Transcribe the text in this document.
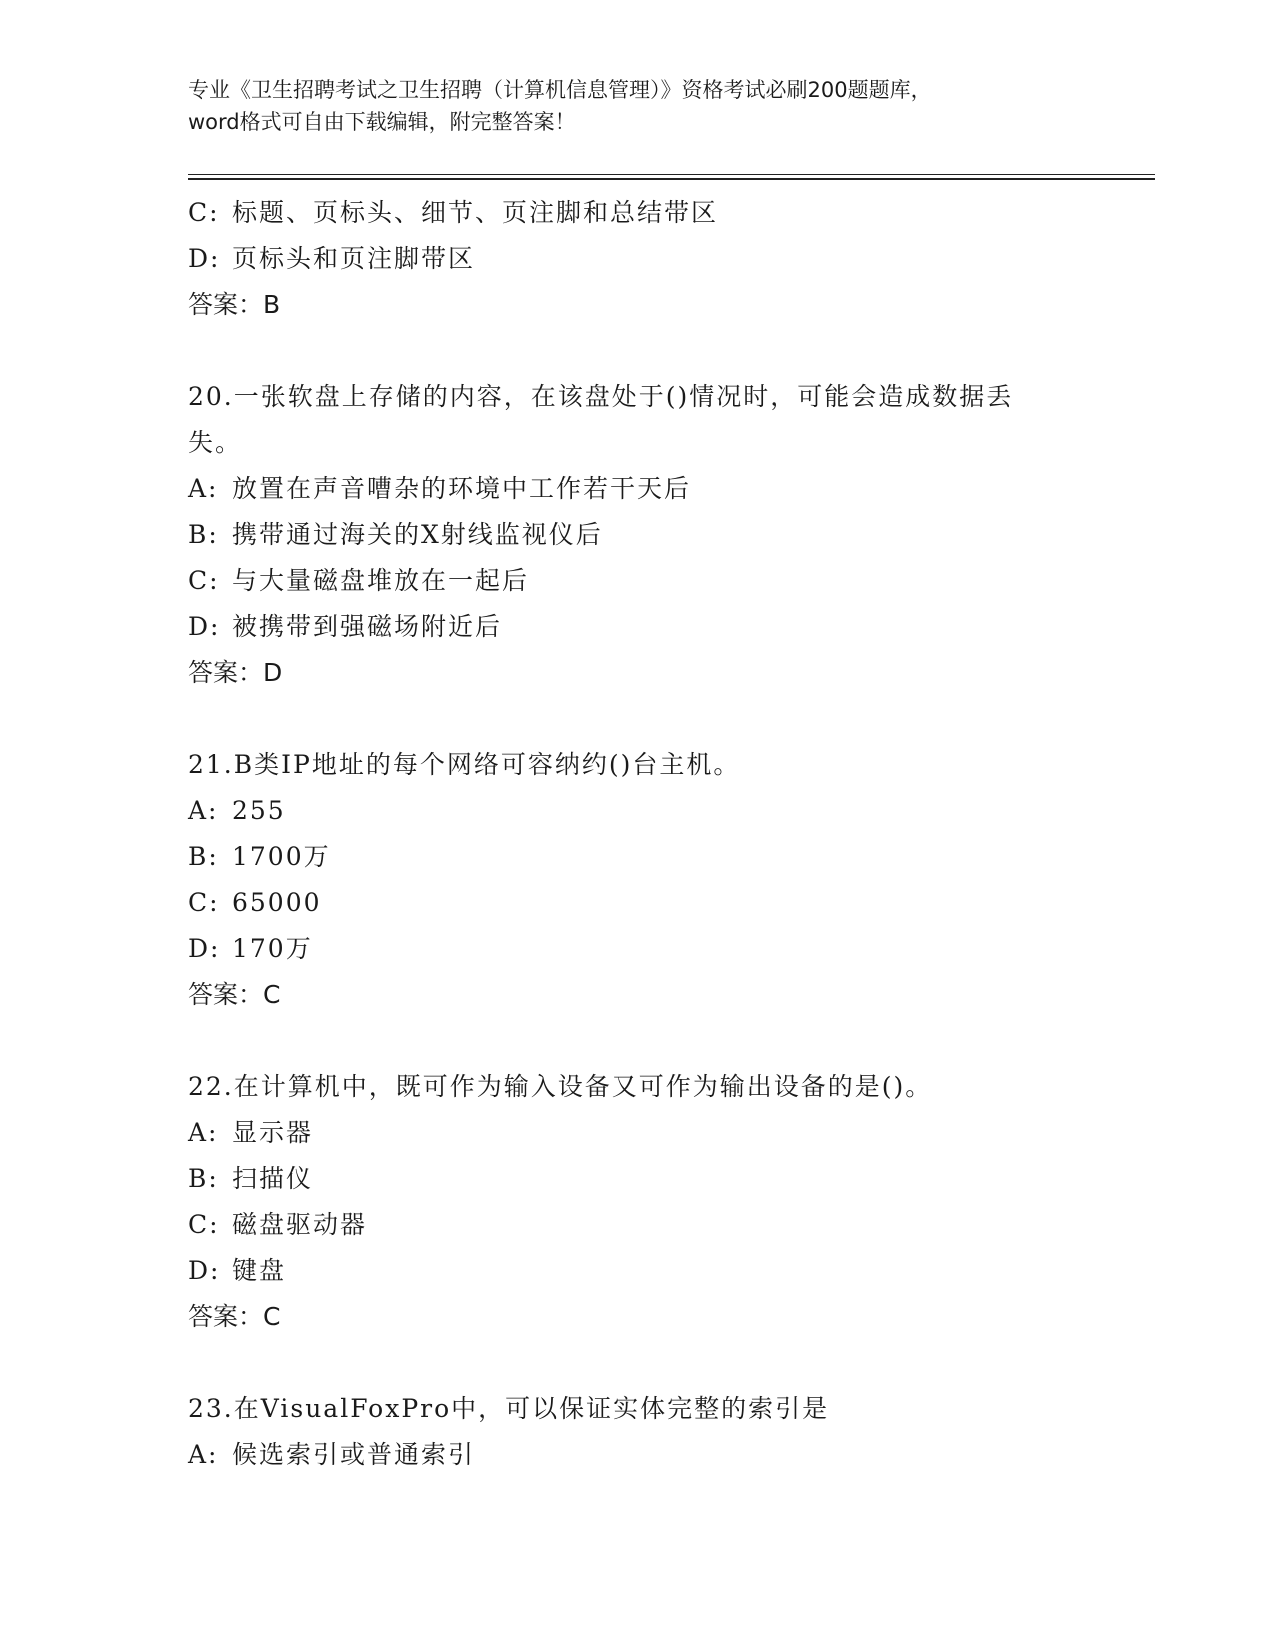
专业《卫生招聘考试之卫生招聘（计算机信息管理）》资格考试必刷200题题库，
word格式可自由下载编辑，附完整答案！
C: 标题、页标头、细节、页注脚和总结带区
D: 页标头和页注脚带区
答案：B
20.一张软盘上存储的内容，在该盘处于()情况时，可能会造成数据丢
失。
A: 放置在声音嘈杂的环境中工作若干天后
B: 携带通过海关的X射线监视仪后
C: 与大量磁盘堆放在一起后
D: 被携带到强磁场附近后
答案：D
21.B类IP地址的每个网络可容纳约()台主机。
A: 255
B: 1700万
C: 65000
D: 170万
答案：C
22.在计算机中，既可作为输入设备又可作为输出设备的是()。
A: 显示器
B: 扫描仪
C: 磁盘驱动器
D: 键盘
答案：C
23.在VisualFoxPro中，可以保证实体完整的索引是
A: 候选索引或普通索引
